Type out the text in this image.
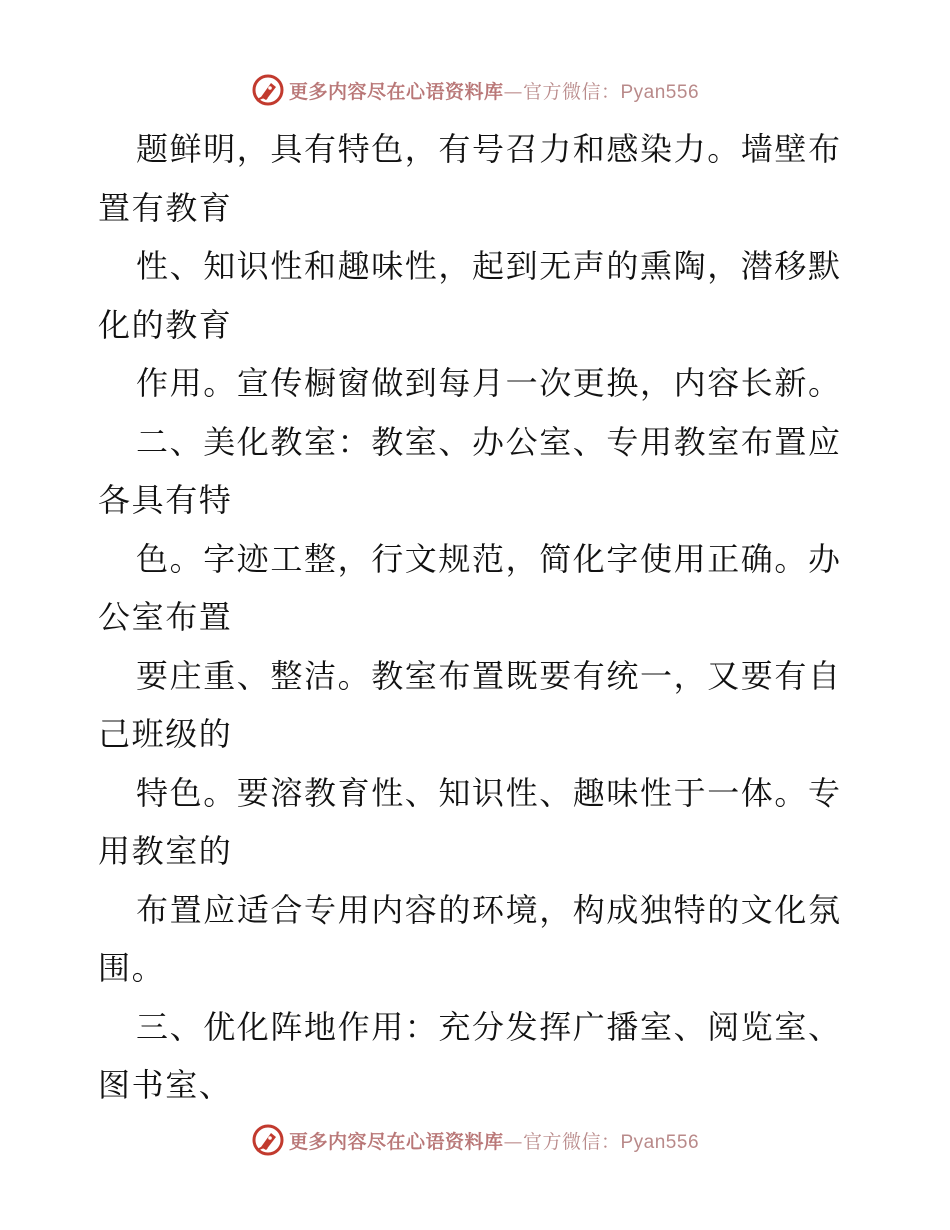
更多内容尽在心语资料库—官方微信：Pyan556
题鲜明，具有特色，有号召力和感染力。墙壁布
置有教育
性、知识性和趣味性，起到无声的熏陶，潜移默
化的教育
作用。宣传橱窗做到每月一次更换，内容长新。
二、美化教室：教室、办公室、专用教室布置应
各具有特
色。字迹工整，行文规范，简化字使用正确。办
公室布置
要庄重、整洁。教室布置既要有统一，又要有自
己班级的
特色。要溶教育性、知识性、趣味性于一体。专
用教室的
布置应适合专用内容的环境，构成独特的文化氛
围。
三、优化阵地作用：充分发挥广播室、阅览室、
图书室、
更多内容尽在心语资料库—官方微信：Pyan556
